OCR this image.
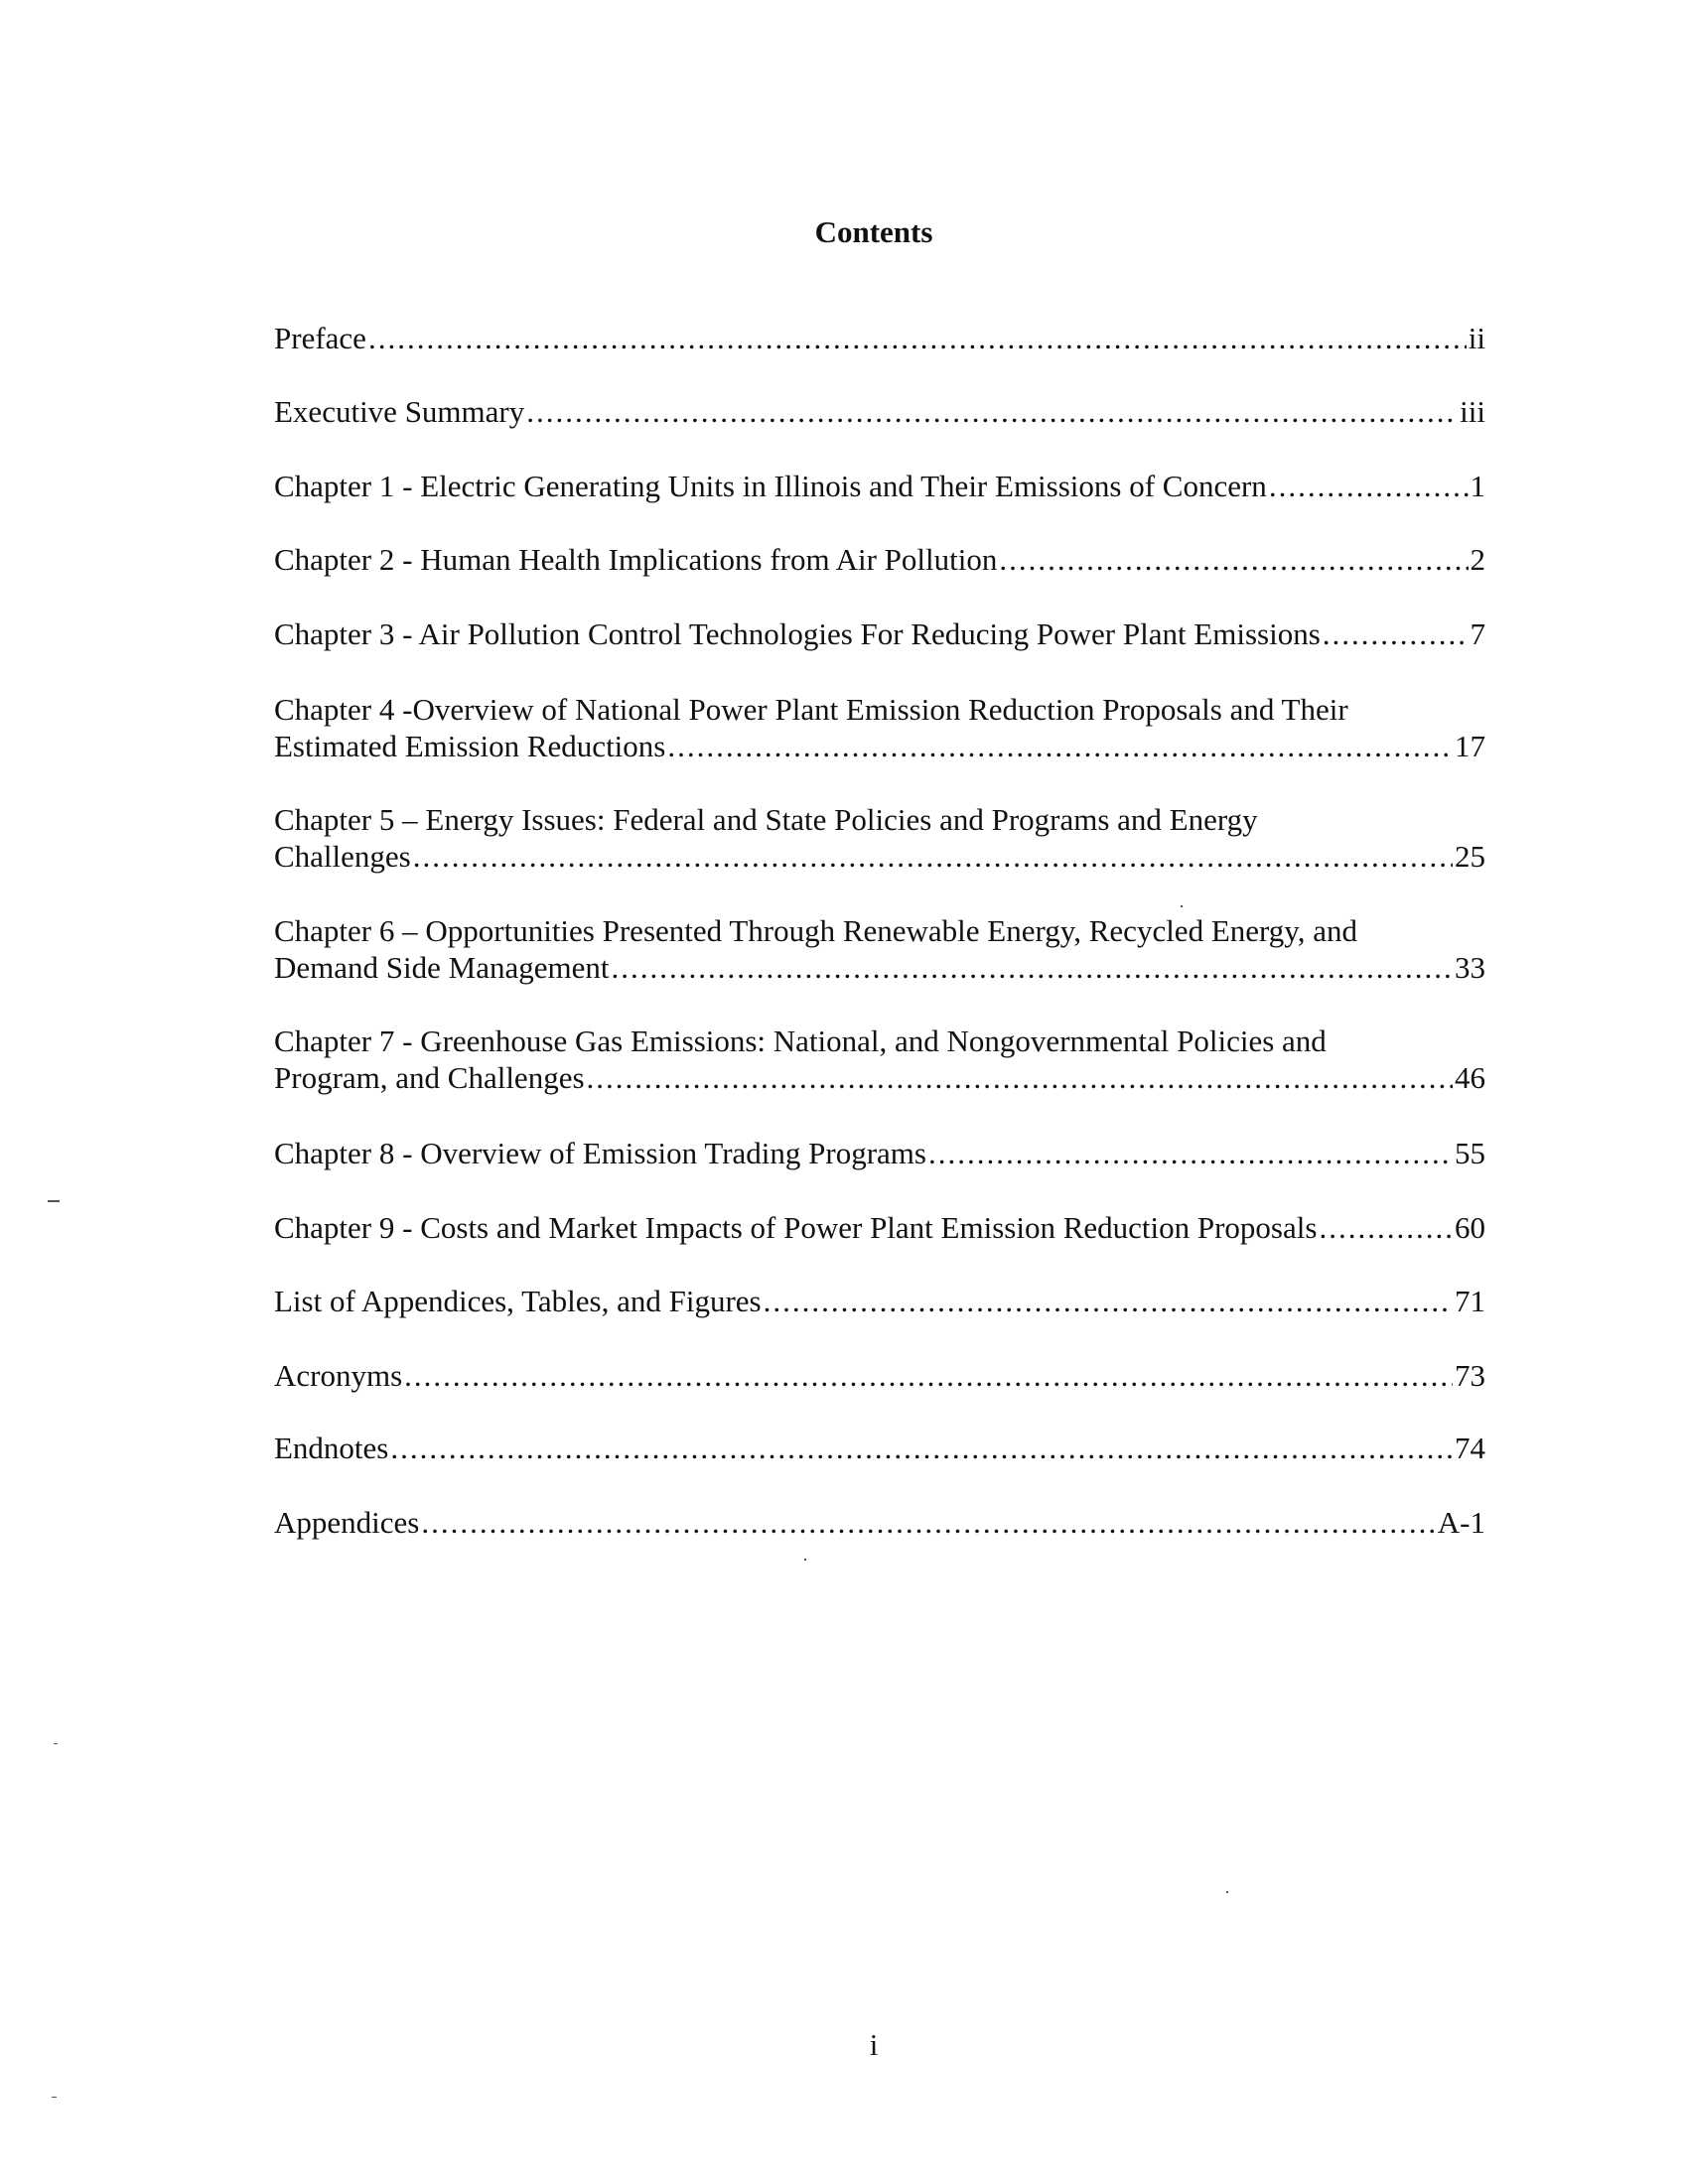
Contents
Preface .....	ii
Executive Summary .....	iii
Chapter 1 - Electric Generating Units in Illinois and Their Emissions of Concern .....	1
Chapter 2 - Human Health Implications from Air Pollution .....	2
Chapter 3 - Air Pollution Control Technologies For Reducing Power Plant Emissions .....	7
Chapter 4 -Overview of National Power Plant Emission Reduction Proposals and Their
Estimated Emission Reductions .....	17
Chapter 5 – Energy Issues: Federal and State Policies and Programs and Energy
Challenges .....	25
Chapter 6 – Opportunities Presented Through Renewable Energy, Recycled Energy, and
Demand Side Management .....	33
Chapter 7 - Greenhouse Gas Emissions: National, and Nongovernmental Policies and
Program, and Challenges .....	46
Chapter 8 - Overview of Emission Trading Programs .....	55
Chapter 9 - Costs and Market Impacts of Power Plant Emission Reduction Proposals .....	60
List of Appendices, Tables, and Figures .....	71
Acronyms .....	73
Endnotes .....	74
Appendices .....	A-1
i
